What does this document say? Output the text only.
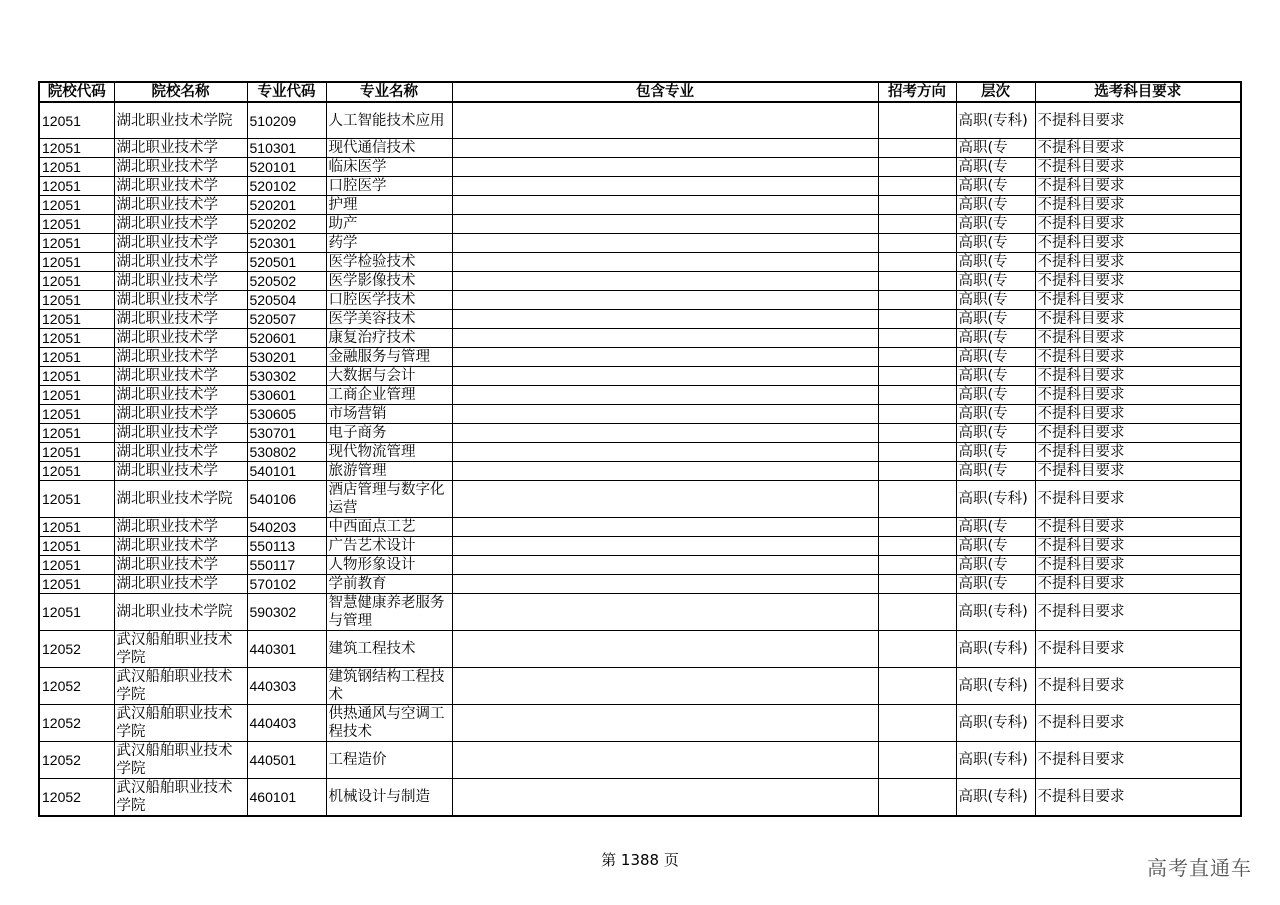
院校代码	院校名称	专业代码	专业名称	包含专业	招考方向	层次	选考科目要求
12051	湖北职业技术学院	510209	人工智能技术应用			高职(专科)	不提科目要求
12051	湖北职业技术学	510301	现代通信技术			高职(专	不提科目要求
12051	湖北职业技术学	520101	临床医学			高职(专	不提科目要求
12051	湖北职业技术学	520102	口腔医学			高职(专	不提科目要求
12051	湖北职业技术学	520201	护理			高职(专	不提科目要求
12051	湖北职业技术学	520202	助产			高职(专	不提科目要求
12051	湖北职业技术学	520301	药学			高职(专	不提科目要求
12051	湖北职业技术学	520501	医学检验技术			高职(专	不提科目要求
12051	湖北职业技术学	520502	医学影像技术			高职(专	不提科目要求
12051	湖北职业技术学	520504	口腔医学技术			高职(专	不提科目要求
12051	湖北职业技术学	520507	医学美容技术			高职(专	不提科目要求
12051	湖北职业技术学	520601	康复治疗技术			高职(专	不提科目要求
12051	湖北职业技术学	530201	金融服务与管理			高职(专	不提科目要求
12051	湖北职业技术学	530302	大数据与会计			高职(专	不提科目要求
12051	湖北职业技术学	530601	工商企业管理			高职(专	不提科目要求
12051	湖北职业技术学	530605	市场营销			高职(专	不提科目要求
12051	湖北职业技术学	530701	电子商务			高职(专	不提科目要求
12051	湖北职业技术学	530802	现代物流管理			高职(专	不提科目要求
12051	湖北职业技术学	540101	旅游管理			高职(专	不提科目要求
12051	湖北职业技术学院	540106	酒店管理与数字化运营			高职(专科)	不提科目要求
12051	湖北职业技术学	540203	中西面点工艺			高职(专	不提科目要求
12051	湖北职业技术学	550113	广告艺术设计			高职(专	不提科目要求
12051	湖北职业技术学	550117	人物形象设计			高职(专	不提科目要求
12051	湖北职业技术学	570102	学前教育			高职(专	不提科目要求
12051	湖北职业技术学院	590302	智慧健康养老服务与管理			高职(专科)	不提科目要求
12052	武汉船舶职业技术学院	440301	建筑工程技术			高职(专科)	不提科目要求
12052	武汉船舶职业技术学院	440303	建筑钢结构工程技术			高职(专科)	不提科目要求
12052	武汉船舶职业技术学院	440403	供热通风与空调工程技术			高职(专科)	不提科目要求
12052	武汉船舶职业技术学院	440501	工程造价			高职(专科)	不提科目要求
12052	武汉船舶职业技术学院	460101	机械设计与制造			高职(专科)	不提科目要求
第 1388 页	高考直通车
